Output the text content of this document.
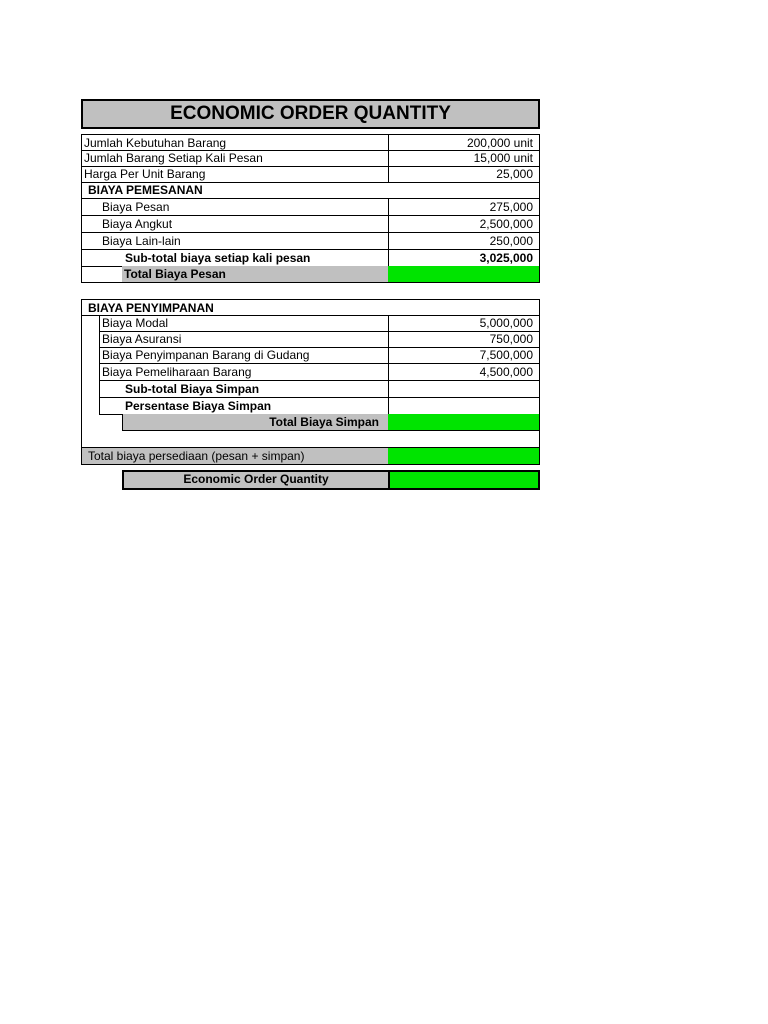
ECONOMIC ORDER QUANTITY
Jumlah Kebutuhan Barang	200,000 unit
Jumlah Barang Setiap Kali Pesan	15,000 unit
Harga Per Unit Barang	25,000
BIAYA PEMESANAN
Biaya Pesan	275,000
Biaya Angkut	2,500,000
Biaya Lain-lain	250,000
Sub-total biaya setiap kali pesan	3,025,000
Total Biaya Pesan
BIAYA PENYIMPANAN
Biaya Modal	5,000,000
Biaya Asuransi	750,000
Biaya Penyimpanan Barang di Gudang	7,500,000
Biaya Pemeliharaan Barang	4,500,000
Sub-total Biaya Simpan
Persentase Biaya Simpan
Total Biaya Simpan
Total biaya persediaan (pesan + simpan)
Economic Order Quantity
